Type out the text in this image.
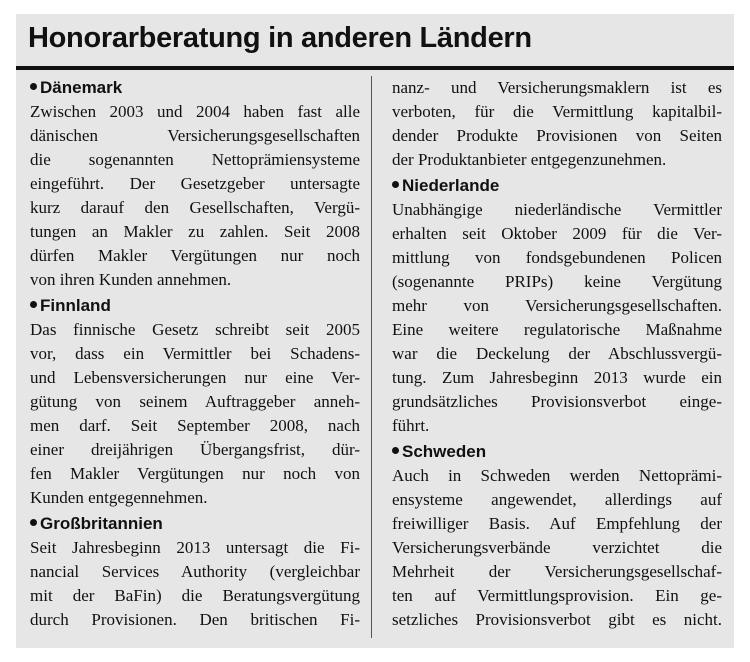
Honorarberatung in anderen Ländern
Dänemark
Zwischen 2003 und 2004 haben fast alle
dänischen Versicherungsgesellschaften
die sogenannten Nettoprämiensysteme
eingeführt. Der Gesetzgeber untersagte
kurz darauf den Gesellschaften, Vergü-
tungen an Makler zu zahlen. Seit 2008
dürfen Makler Vergütungen nur noch
von ihren Kunden annehmen.
Finnland
Das finnische Gesetz schreibt seit 2005
vor, dass ein Vermittler bei Schadens-
und Lebensversicherungen nur eine Ver-
gütung von seinem Auftraggeber anneh-
men darf. Seit September 2008, nach
einer dreijährigen Übergangsfrist, dür-
fen Makler Vergütungen nur noch von
Kunden entgegennehmen.
Großbritannien
Seit Jahresbeginn 2013 untersagt die Fi-
nancial Services Authority (vergleichbar
mit der BaFin) die Beratungsvergütung
durch Provisionen. Den britischen Fi-
nanz- und Versicherungsmaklern ist es
verboten, für die Vermittlung kapitalbil-
dender Produkte Provisionen von Seiten
der Produktanbieter entgegenzunehmen.
Niederlande
Unabhängige niederländische Vermittler
erhalten seit Oktober 2009 für die Ver-
mittlung von fondsgebundenen Policen
(sogenannte PRIPs) keine Vergütung
mehr von Versicherungsgesellschaften.
Eine weitere regulatorische Maßnahme
war die Deckelung der Abschlussvergü-
tung. Zum Jahresbeginn 2013 wurde ein
grundsätzliches Provisionsverbot einge-
führt.
Schweden
Auch in Schweden werden Nettoprämi-
ensysteme angewendet, allerdings auf
freiwilliger Basis. Auf Empfehlung der
Versicherungsverbände verzichtet die
Mehrheit der Versicherungsgesellschaf-
ten auf Vermittlungsprovision. Ein ge-
setzliches Provisionsverbot gibt es nicht.
